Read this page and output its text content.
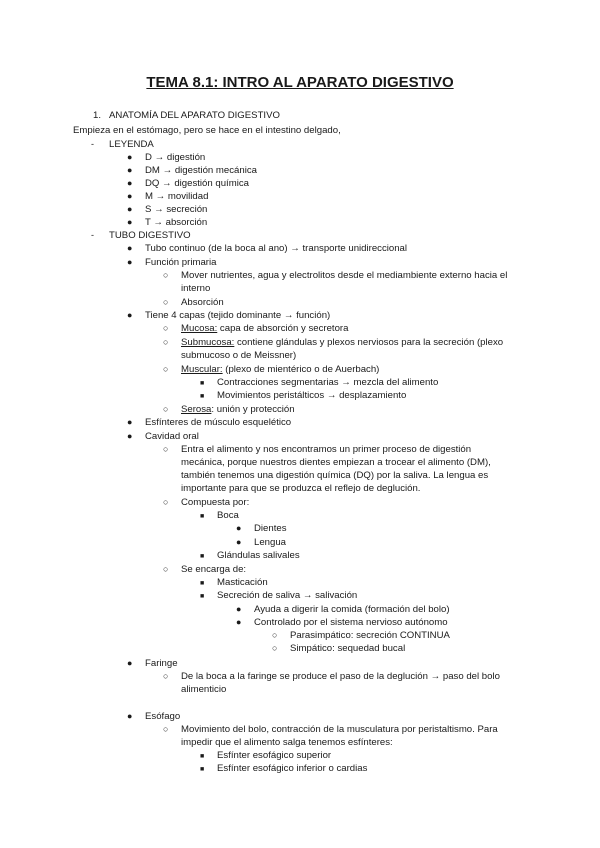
TEMA 8.1: INTRO AL APARATO DIGESTIVO
1. ANATOMÍA DEL APARATO DIGESTIVO
Empieza en el estómago, pero se hace en el intestino delgado,
- LEYENDA
● D → digestión
● DM → digestión mecánica
● DQ → digestión química
● M → movilidad
● S → secreción
● T → absorción
- TUBO DIGESTIVO
● Tubo continuo (de la boca al ano) → transporte unidireccional
● Función primaria
○ Mover nutrientes, agua y electrolitos desde el mediambiente externo hacia el
interno
○ Absorción
● Tiene 4 capas (tejido dominante → función)
○ Mucosa: capa de absorción y secretora
○ Submucosa: contiene glándulas y plexos nerviosos para la secreción (plexo
submucoso o de Meissner)
○ Muscular: (plexo de mientérico o de Auerbach)
■ Contracciones segmentarias → mezcla del alimento
■ Movimientos peristálticos → desplazamiento
○ Serosa: unión y protección
● Esfínteres de músculo esquelético
● Cavidad oral
○ Entra el alimento y nos encontramos un primer proceso de digestión
mecánica, porque nuestros dientes empiezan a trocear el alimento (DM),
también tenemos una digestión química (DQ) por la saliva. La lengua es
importante para que se produzca el reflejo de deglución.
○ Compuesta por:
■ Boca
● Dientes
● Lengua
■ Glándulas salivales
○ Se encarga de:
■ Masticación
■ Secreción de saliva → salivación
● Ayuda a digerir la comida (formación del bolo)
● Controlado por el sistema nervioso autónomo
○ Parasimpático: secreción CONTINUA
○ Simpático: sequedad bucal
● Faringe
○ De la boca a la faringe se produce el paso de la deglución → paso del bolo
alimenticio
● Esófago
○ Movimiento del bolo, contracción de la musculatura por peristaltismo. Para
impedir que el alimento salga tenemos esfínteres:
■ Esfínter esofágico superior
■ Esfínter esofágico inferior o cardias
